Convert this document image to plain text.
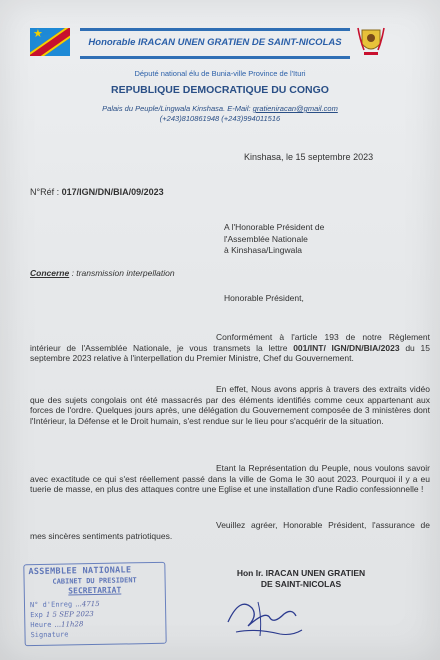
★
Honorable IRACAN UNEN GRATIEN DE SAINT-NICOLAS
Député national élu de Bunia-ville Province de l'Ituri
REPUBLIQUE DEMOCRATIQUE DU CONGO
Palais du Peuple/Lingwala Kinshasa. E-Mail: gratieniracan@gmail.com
(+243)810861948 (+243)994011516
Kinshasa, le 15 septembre 2023
N°Réf : 017/IGN/DN/BIA/09/2023
A l'Honorable Président de
l'Assemblée Nationale
à Kinshasa/Lingwala
Concerne : transmission interpellation
Honorable Président,
Conformément à l'article 193 de notre Règlement intérieur de l'Assemblée Nationale, je vous transmets la lettre 001/INT/ IGN/DN/BIA/2023 du 15 septembre 2023 relative à l'interpellation du Premier Ministre, Chef du Gouvernement.
En effet, Nous avons appris à travers des extraits vidéo que des sujets congolais ont été massacrés par des éléments identifiés comme ceux appartenant aux forces de l'ordre. Quelques jours après, une délégation du Gouvernement composée de 3 ministères dont l'Intérieur, la Défense et le Droit humain, s'est rendue sur le lieu pour s'acquérir de la situation.
Etant la Représentation du Peuple, nous voulons savoir avec exactitude ce qui s'est réellement passé dans la ville de Goma le 30 aout 2023. Pourquoi il y a eu tuerie de masse, en plus des attaques contre une Eglise et une installation d'une Radio confessionnelle !
Veuillez agréer, Honorable Président, l'assurance de mes sincères sentiments patriotiques.
Hon Ir. IRACAN UNEN GRATIEN
DE SAINT-NICOLAS
ASSEMBLEE NATIONALE
CABINET DU PRESIDENT
SECRETARIAT
N° d'Enreg ...4715
Exp 1 5 SEP 2023
Heure ...11h28
Signature
